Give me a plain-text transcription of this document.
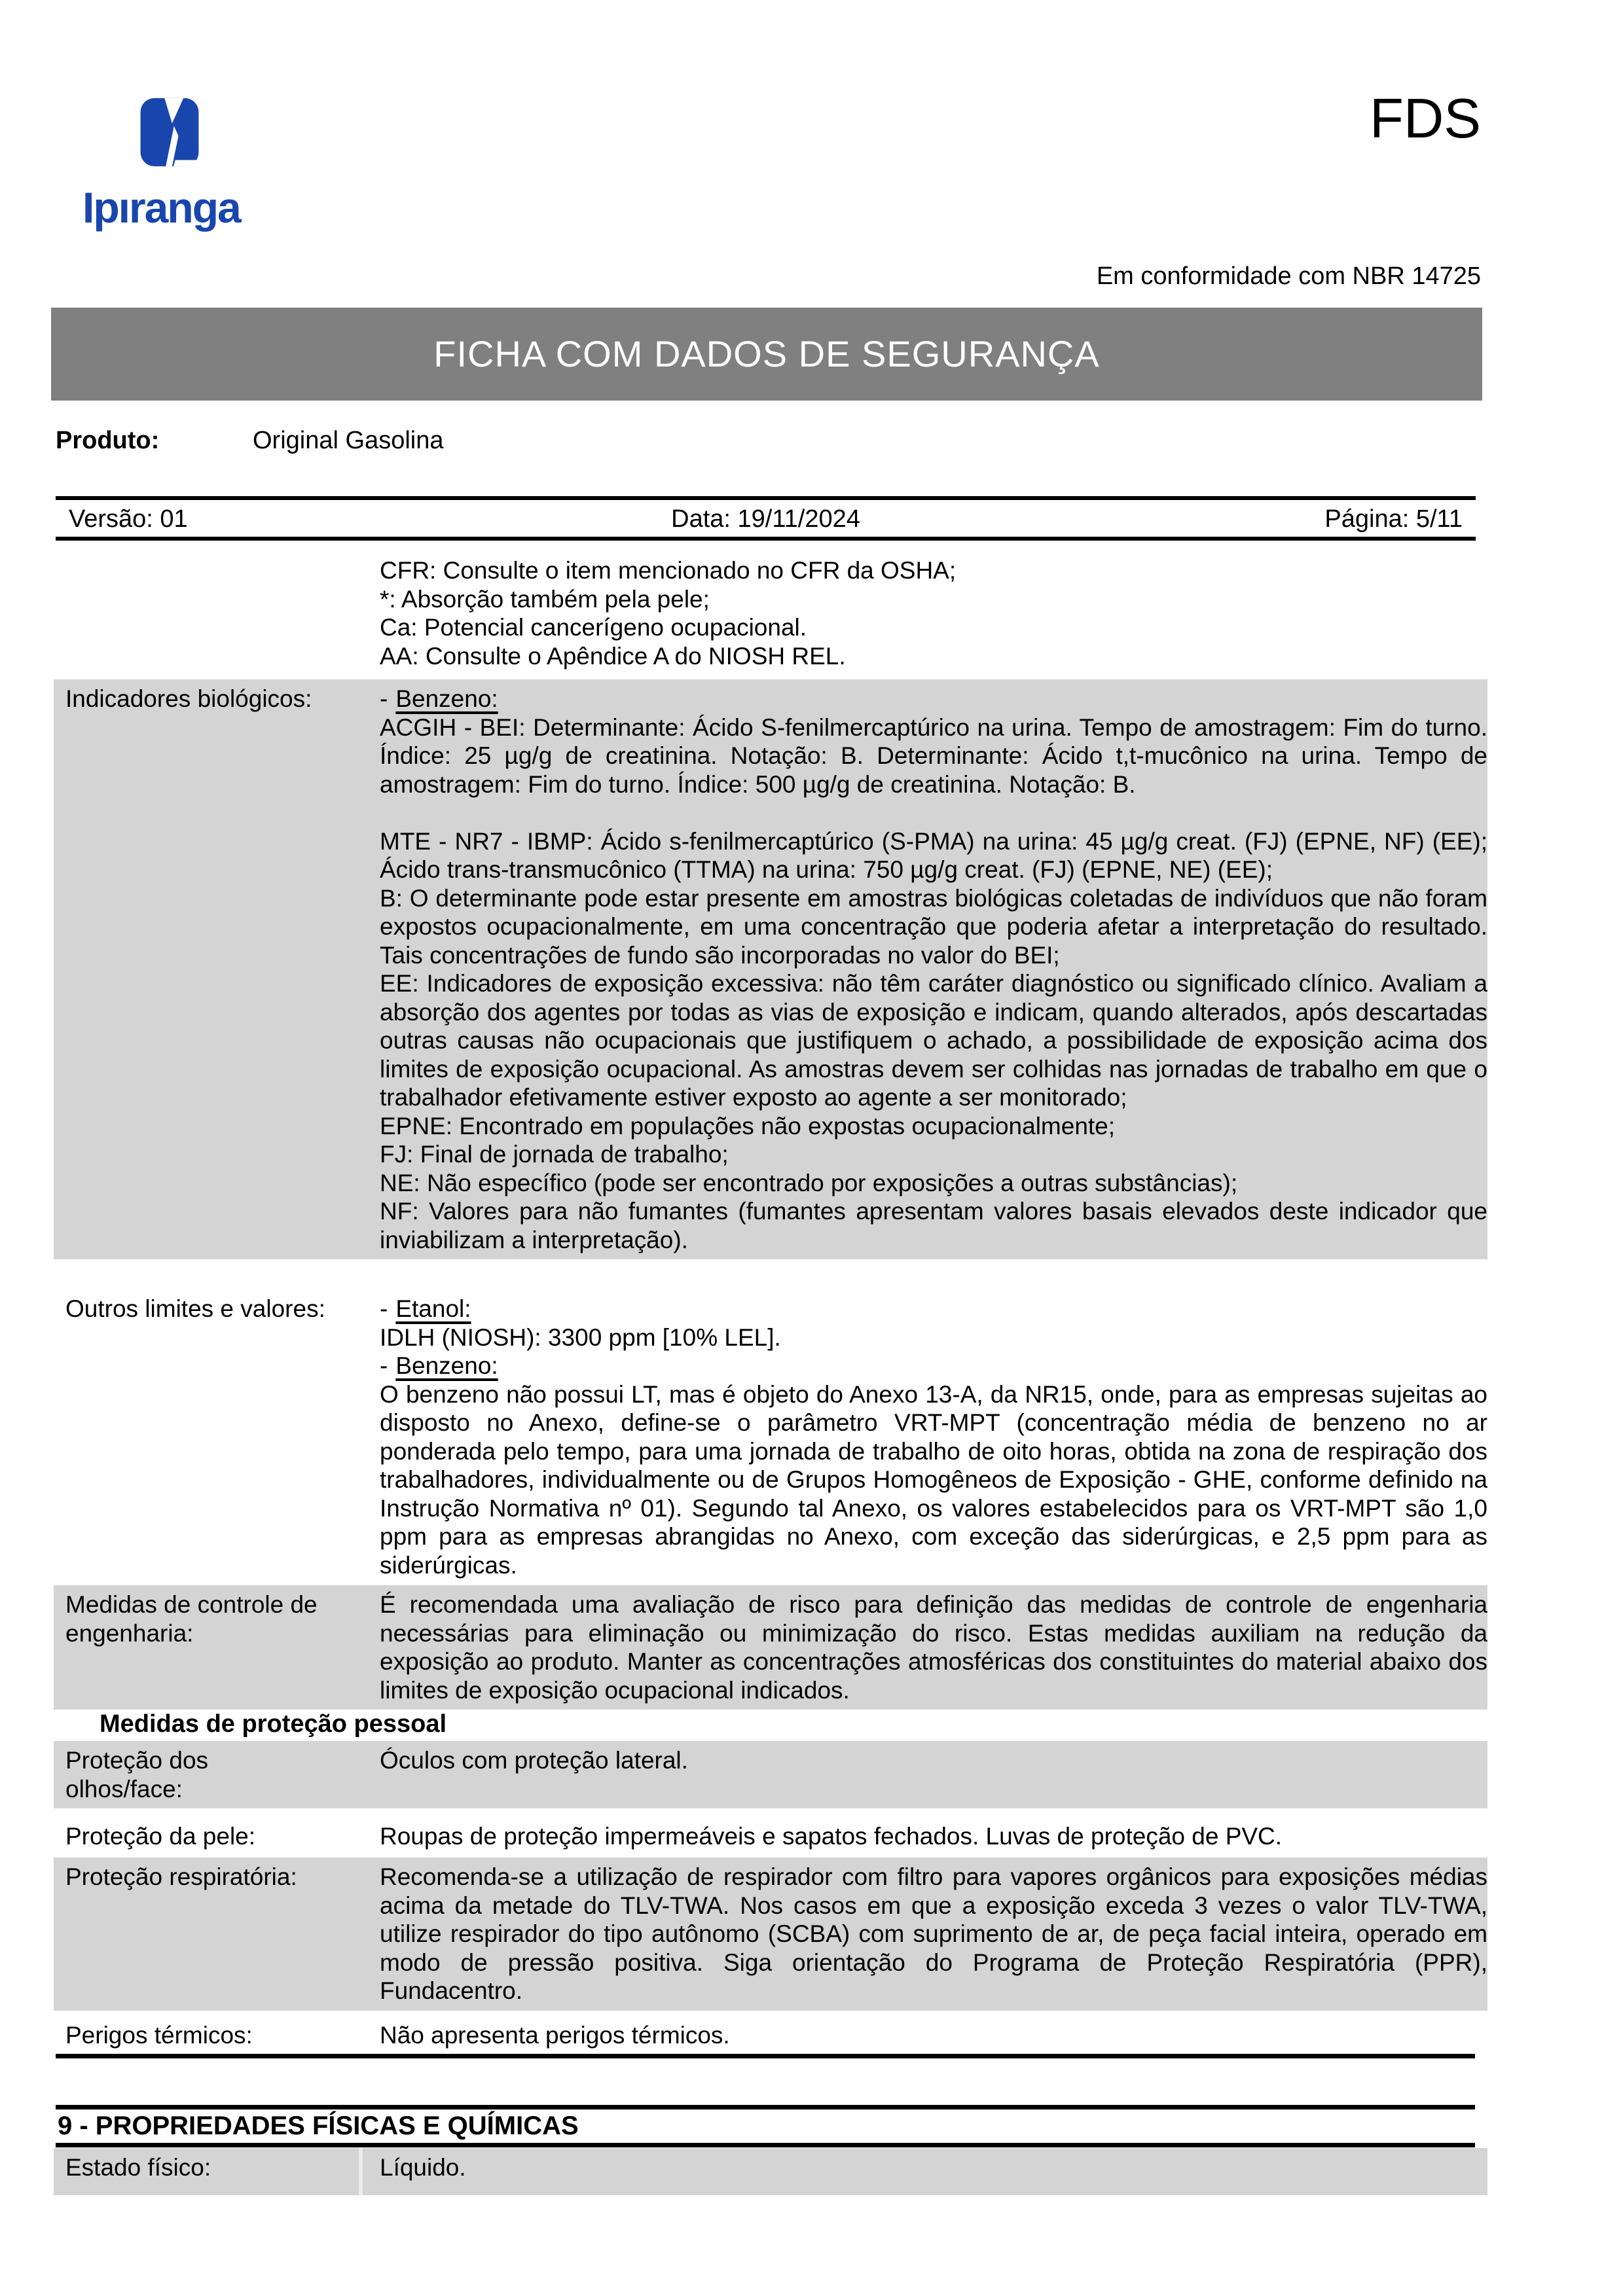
Ipıranga
FDS
Em conformidade com NBR 14725
FICHA COM DADOS DE SEGURANÇA
Produto:	Original Gasolina
Versão: 01	Data: 19/11/2024	Página: 5/11

CFR: Consulte o item mencionado no CFR da OSHA;

*: Absorção também pela pele;

Ca: Potencial cancerígeno ocupacional.

AA: Consulte o Apêndice A do NIOSH REL.

Indicadores biológicos:	- Benzeno:

ACGIH - BEI: Determinante: Ácido S-fenilmercaptúrico na urina. Tempo de amostragem: Fim do turno. Índice: 25 µg/g de creatinina. Notação: B. Determinante: Ácido t,t-mucônico na urina. Tempo de amostragem: Fim do turno. Índice: 500 µg/g de creatinina. Notação: B.

MTE - NR7 - IBMP: Ácido s-fenilmercaptúrico (S-PMA) na urina: 45 µg/g creat. (FJ) (EPNE, NF) (EE); Ácido trans-transmucônico (TTMA) na urina: 750 µg/g creat. (FJ) (EPNE, NE) (EE);

B: O determinante pode estar presente em amostras biológicas coletadas de indivíduos que não foram expostos ocupacionalmente, em uma concentração que poderia afetar a interpretação do resultado. Tais concentrações de fundo são incorporadas no valor do BEI;

EE: Indicadores de exposição excessiva: não têm caráter diagnóstico ou significado clínico. Avaliam a absorção dos agentes por todas as vias de exposição e indicam, quando alterados, após descartadas outras causas não ocupacionais que justifiquem o achado, a possibilidade de exposição acima dos limites de exposição ocupacional. As amostras devem ser colhidas nas jornadas de trabalho em que o trabalhador efetivamente estiver exposto ao agente a ser monitorado;

EPNE: Encontrado em populações não expostas ocupacionalmente;

FJ: Final de jornada de trabalho;

NE: Não específico (pode ser encontrado por exposições a outras substâncias);

NF: Valores para não fumantes (fumantes apresentam valores basais elevados deste indicador que inviabilizam a interpretação).

Outros limites e valores:	- Etanol:

IDLH (NIOSH): 3300 ppm [10% LEL].

- Benzeno:

O benzeno não possui LT, mas é objeto do Anexo 13-A, da NR15, onde, para as empresas sujeitas ao disposto no Anexo, define-se o parâmetro VRT-MPT (concentração média de benzeno no ar ponderada pelo tempo, para uma jornada de trabalho de oito horas, obtida na zona de respiração dos trabalhadores, individualmente ou de Grupos Homogêneos de Exposição - GHE, conforme definido na Instrução Normativa nº 01). Segundo tal Anexo, os valores estabelecidos para os VRT-MPT são 1,0 ppm para as empresas abrangidas no Anexo, com exceção das siderúrgicas, e 2,5 ppm para as siderúrgicas.

Medidas de controle de engenharia:

É recomendada uma avaliação de risco para definição das medidas de controle de engenharia necessárias para eliminação ou minimização do risco. Estas medidas auxiliam na redução da exposição ao produto. Manter as concentrações atmosféricas dos constituintes do material abaixo dos limites de exposição ocupacional indicados.

Medidas de proteção pessoal
Proteção dos olhos/face:

Óculos com proteção lateral.

Proteção da pele:	Roupas de proteção impermeáveis e sapatos fechados. Luvas de proteção de PVC.

Proteção respiratória:	Recomenda-se a utilização de respirador com filtro para vapores orgânicos para exposições médias acima da metade do TLV-TWA. Nos casos em que a exposição exceda 3 vezes o valor TLV-TWA, utilize respirador do tipo autônomo (SCBA) com suprimento de ar, de peça facial inteira, operado em modo de pressão positiva. Siga orientação do Programa de Proteção Respiratória (PPR), Fundacentro.

Perigos térmicos:	Não apresenta perigos térmicos.

9 - PROPRIEDADES FÍSICAS E QUÍMICAS
Estado físico:	Líquido.
